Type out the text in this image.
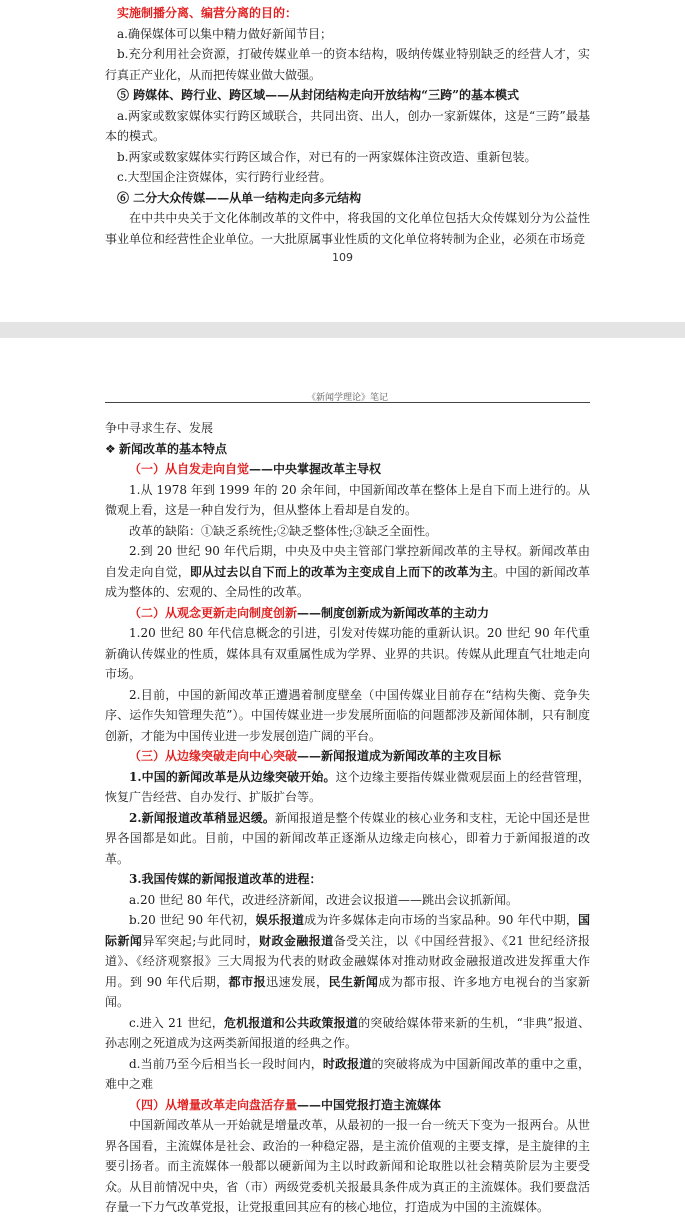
实施制播分离、编营分离的目的：

a.确保媒体可以集中精力做好新闻节目；

b.充分利用社会资源，打破传媒业单一的资本结构，吸纳传媒业特别缺乏的经营人才，实行真正产业化，从而把传媒业做大做强。

⑤ 跨媒体、跨行业、跨区域——从封闭结构走向开放结构“三跨”的基本模式

a.两家或数家媒体实行跨区域联合，共同出资、出人，创办一家新媒体，这是“三跨”最基本的模式。

b.两家或数家媒体实行跨区域合作，对已有的一两家媒体注资改造、重新包装。

c.大型国企注资媒体，实行跨行业经营。

⑥ 二分大众传媒——从单一结构走向多元结构

在中共中央关于文化体制改革的文件中，将我国的文化单位包括大众传媒划分为公益性事业单位和经营性企业单位。一大批原属事业性质的文化单位将转制为企业，必须在市场竞

109
《新闻学理论》笔记

争中寻求生存、发展

❖ 新闻改革的基本特点

（一）从自发走向自觉——中央掌握改革主导权

1.从 1978 年到 1999 年的 20 余年间，中国新闻改革在整体上是自下而上进行的。从微观上看，这是一种自发行为，但从整体上看却是自发的。

改革的缺陷：①缺乏系统性;②缺乏整体性;③缺乏全面性。

2.到 20 世纪 90 年代后期，中央及中央主管部门掌控新闻改革的主导权。新闻改革由自发走向自觉，即从过去以自下而上的改革为主变成自上而下的改革为主。中国的新闻改革成为整体的、宏观的、全局性的改革。

（二）从观念更新走向制度创新——制度创新成为新闻改革的主动力

1.20 世纪 80 年代信息概念的引进，引发对传媒功能的重新认识。20 世纪 90 年代重新确认传媒业的性质，媒体具有双重属性成为学界、业界的共识。传媒从此理直气壮地走向市场。

2.目前，中国的新闻改革正遭遇着制度壁垒（中国传媒业目前存在“结构失衡、竞争失序、运作失知管理失范”）。中国传媒业进一步发展所面临的问题都涉及新闻体制，只有制度创新，才能为中国传业进一步发展创造广阔的平台。

（三）从边缘突破走向中心突破——新闻报道成为新闻改革的主攻目标

1.中国的新闻改革是从边缘突破开始。这个边缘主要指传媒业微观层面上的经营管理，恢复广告经营、自办发行、扩版扩台等。

2.新闻报道改革稍显迟缓。新闻报道是整个传媒业的核心业务和支柱，无论中国还是世界各国都是如此。目前，中国的新闻改革正逐渐从边缘走向核心，即着力于新闻报道的改革。

3.我国传媒的新闻报道改革的进程：

a.20 世纪 80 年代，改进经济新闻，改进会议报道——跳出会议抓新闻。

b.20 世纪 90 年代初，娱乐报道成为许多媒体走向市场的当家品种。90 年代中期，国际新闻异军突起;与此同时，财政金融报道备受关注，以《中国经营报》、《21 世纪经济报道》、《经济观察报》三大周报为代表的财政金融媒体对推动财政金融报道改进发挥重大作用。到 90 年代后期，都市报迅速发展，民生新闻成为都市报、许多地方电视台的当家新闻。

c.进入 21 世纪，危机报道和公共政策报道的突破给媒体带来新的生机，“非典”报道、孙志刚之死道成为这两类新闻报道的经典之作。

d.当前乃至今后相当长一段时间内，时政报道的突破将成为中国新闻改革的重中之重，难中之难

（四）从增量改革走向盘活存量——中国党报打造主流媒体

中国新闻改革从一开始就是增量改革，从最初的一报一台一统天下变为一报两台。从世界各国看，主流媒体是社会、政治的一种稳定器，是主流价值观的主要支撑，是主旋律的主要引扬者。而主流媒体一般都以硬新闻为主以时政新闻和论取胜以社会精英阶层为主要受众。从目前情况中央，省（市）两级党委机关报最具条件成为真正的主流媒体。我们要盘活存量一下力气改革党报，让党报重回其应有的核心地位，打造成为中国的主流媒体。
